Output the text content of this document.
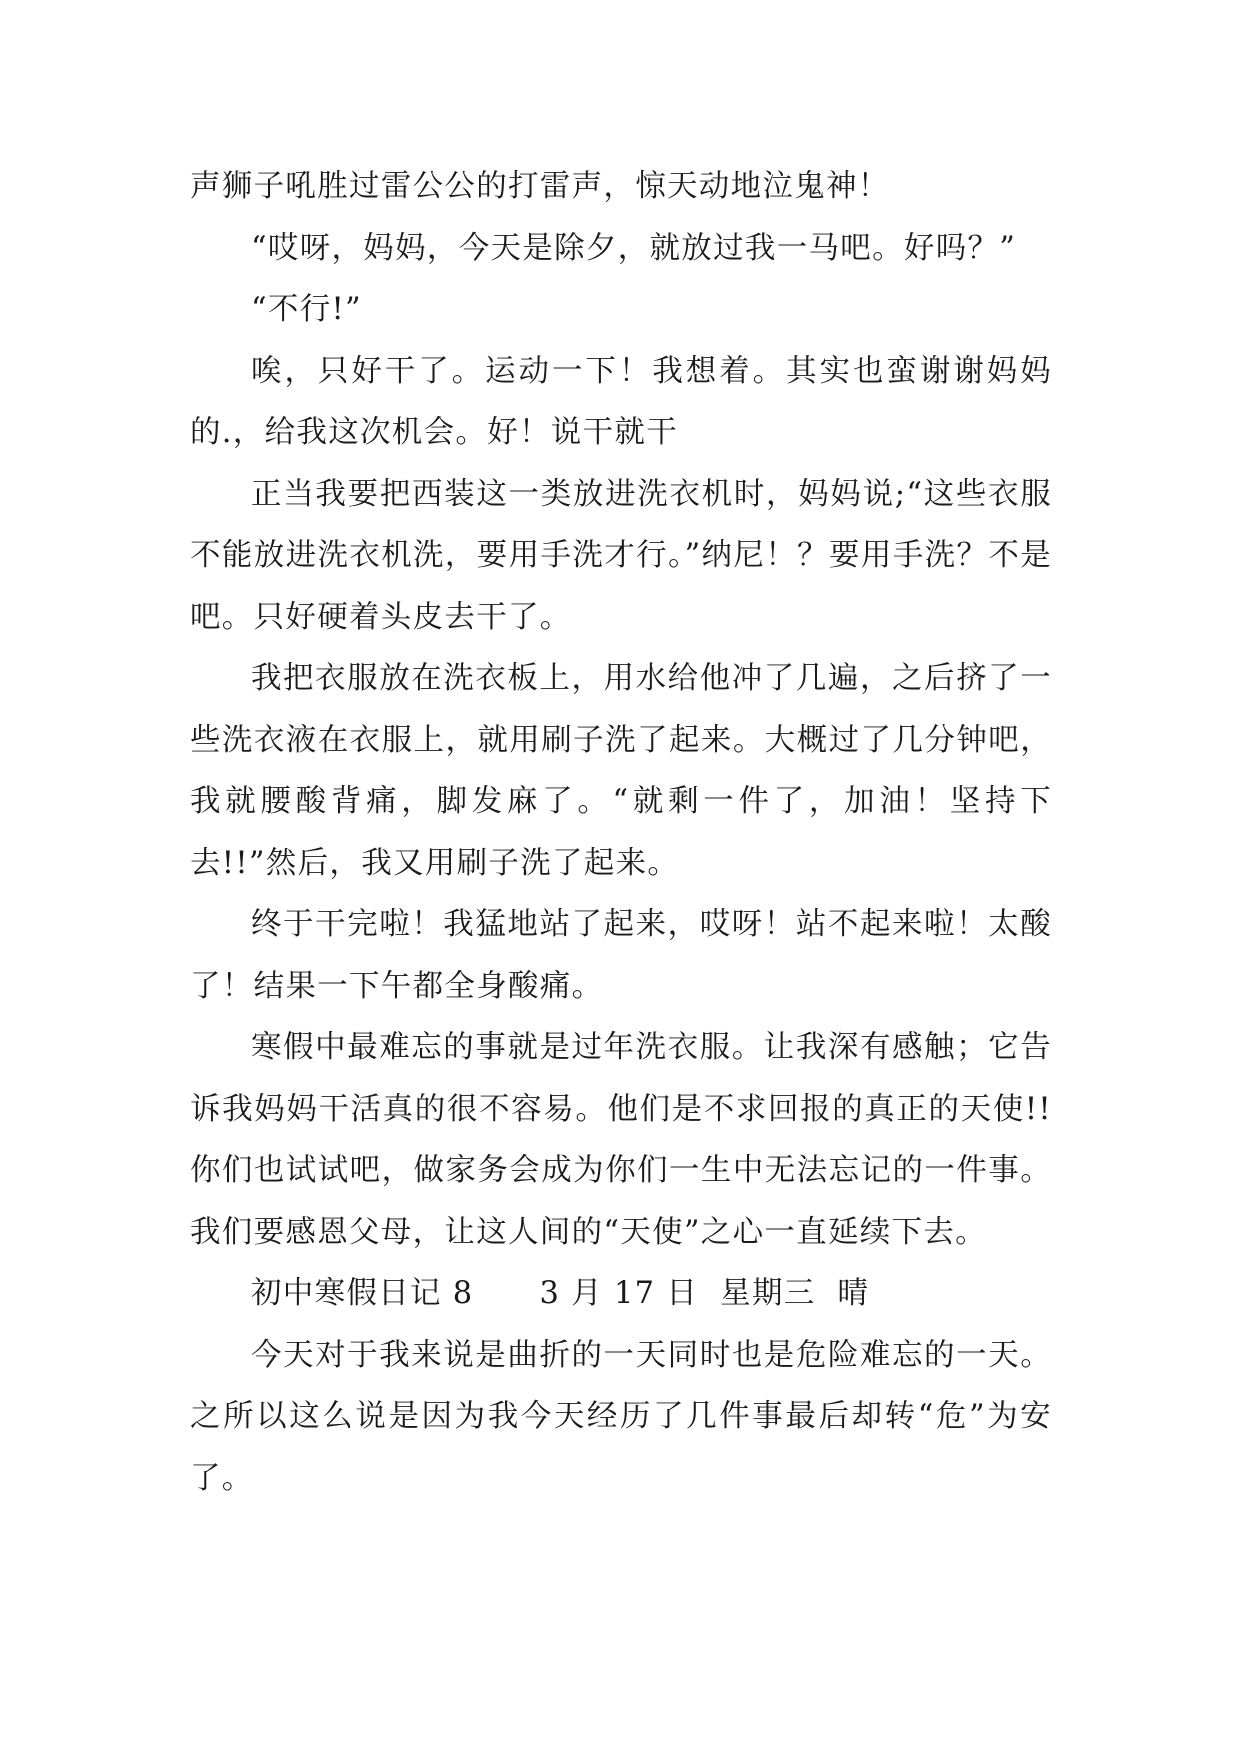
声狮子吼胜过雷公公的打雷声，惊天动地泣鬼神！

“哎呀，妈妈，今天是除夕，就放过我一马吧。好吗？”

“不行!”

唉，只好干了。运动一下！我想着。其实也蛮谢谢妈妈的.，给我这次机会。好！说干就干

正当我要把西装这一类放进洗衣机时，妈妈说;“这些衣服不能放进洗衣机洗，要用手洗才行。”纳尼！？要用手洗？不是吧。只好硬着头皮去干了。

我把衣服放在洗衣板上，用水给他冲了几遍，之后挤了一些洗衣液在衣服上，就用刷子洗了起来。大概过了几分钟吧，我就腰酸背痛，脚发麻了。“就剩一件了，加油！坚持下去!!”然后，我又用刷子洗了起来。

终于干完啦！我猛地站了起来，哎呀！站不起来啦！太酸了！结果一下午都全身酸痛。

寒假中最难忘的事就是过年洗衣服。让我深有感触；它告诉我妈妈干活真的很不容易。他们是不求回报的真正的天使!! 你们也试试吧，做家务会成为你们一生中无法忘记的一件事。我们要感恩父母，让这人间的“天使”之心一直延续下去。

初中寒假日记 8      3 月 17 日  星期三  晴

今天对于我来说是曲折的一天同时也是危险难忘的一天。之所以这么说是因为我今天经历了几件事最后却转“危”为安了。
